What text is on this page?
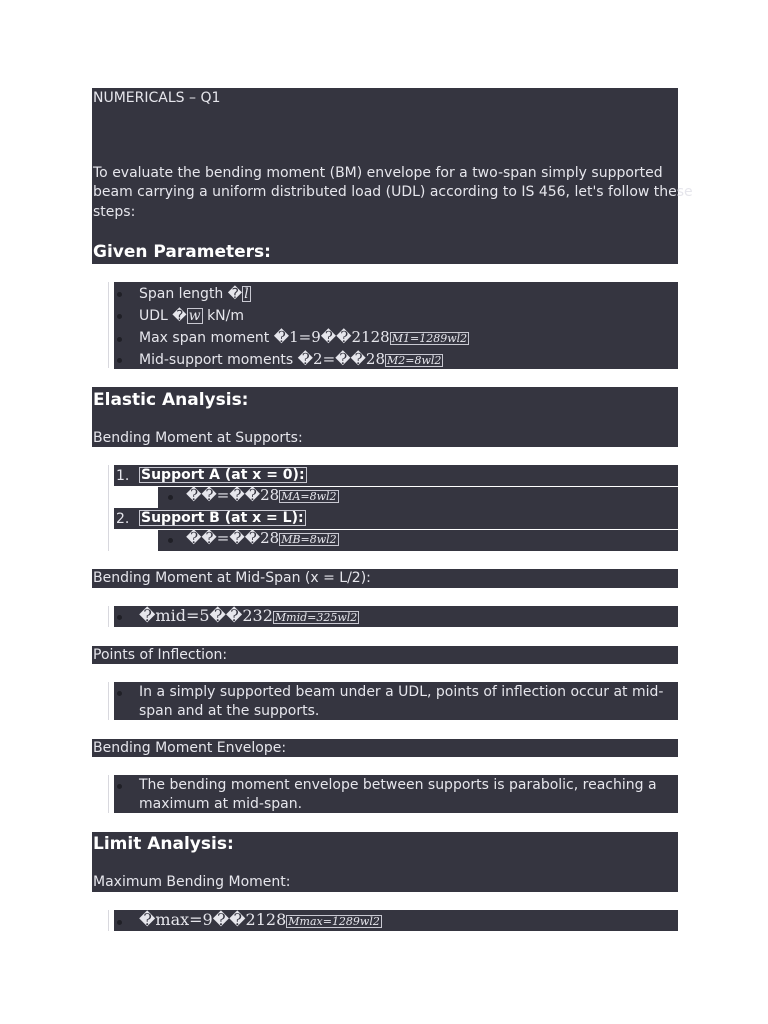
NUMERICALS – Q1
To evaluate the bending moment (BM) envelope for a two-span simply supported
beam carrying a uniform distributed load (UDL) according to IS 456, let's follow these
steps:
Given Parameters:
Span length � l
UDL � w kN/m
Max span moment �1=9��2128 M1=1289wl2
Mid-support moments �2=��28 M2=8wl2
Elastic Analysis:
Bending Moment at Supports:
1. Support A (at x = 0):
��=��28 MA=8wl2
2. Support B (at x = L):
��=��28 MB=8wl2
Bending Moment at Mid-Span (x = L/2):
�mid=5��232 Mmid=325wl2
Points of Inflection:
In a simply supported beam under a UDL, points of inflection occur at mid-
span and at the supports.
Bending Moment Envelope:
The bending moment envelope between supports is parabolic, reaching a
maximum at mid-span.
Limit Analysis:
Maximum Bending Moment:
�max=9��2128 Mmax=1289wl2
